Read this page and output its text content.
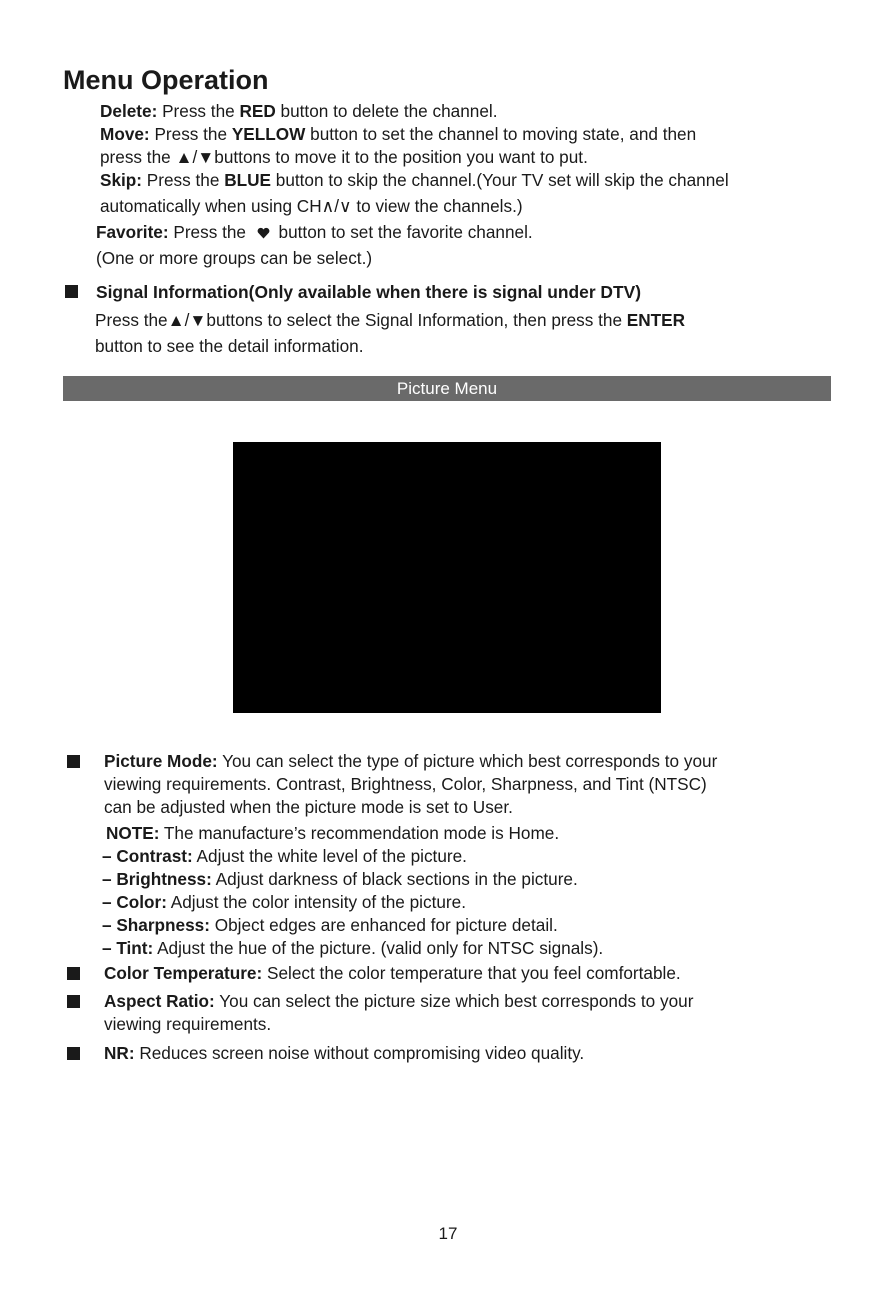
Menu Operation
Delete: Press the RED button to delete the channel.
Move: Press the YELLOW button to set the channel to moving state, and then
press the ▲/▼buttons to move it to the position you want to put.
Skip: Press the BLUE button to skip the channel.(Your TV set will skip the channel
automatically when using CH∧/∨ to view the channels.)
Favorite: Press the  button to set the favorite channel.
(One or more groups can be select.)
Signal Information(Only available when there is signal under DTV)
Press the▲/▼buttons to select the Signal Information, then press the ENTER
button to see the detail information.
Picture Menu
Picture Mode: You can select the type of picture which best corresponds to your
viewing requirements. Contrast, Brightness, Color, Sharpness, and Tint (NTSC)
can be adjusted when the picture mode is set to User.
NOTE: The manufacture’s recommendation mode is Home.
– Contrast: Adjust the white level of the picture.
– Brightness: Adjust darkness of black sections in the picture.
– Color: Adjust the color intensity of the picture.
– Sharpness: Object edges are enhanced for picture detail.
– Tint: Adjust the hue of the picture. (valid only for NTSC signals).
Color Temperature: Select the color temperature that you feel comfortable.
Aspect Ratio: You can select the picture size which best corresponds to your
viewing requirements.
NR: Reduces screen noise without compromising video quality.
17
